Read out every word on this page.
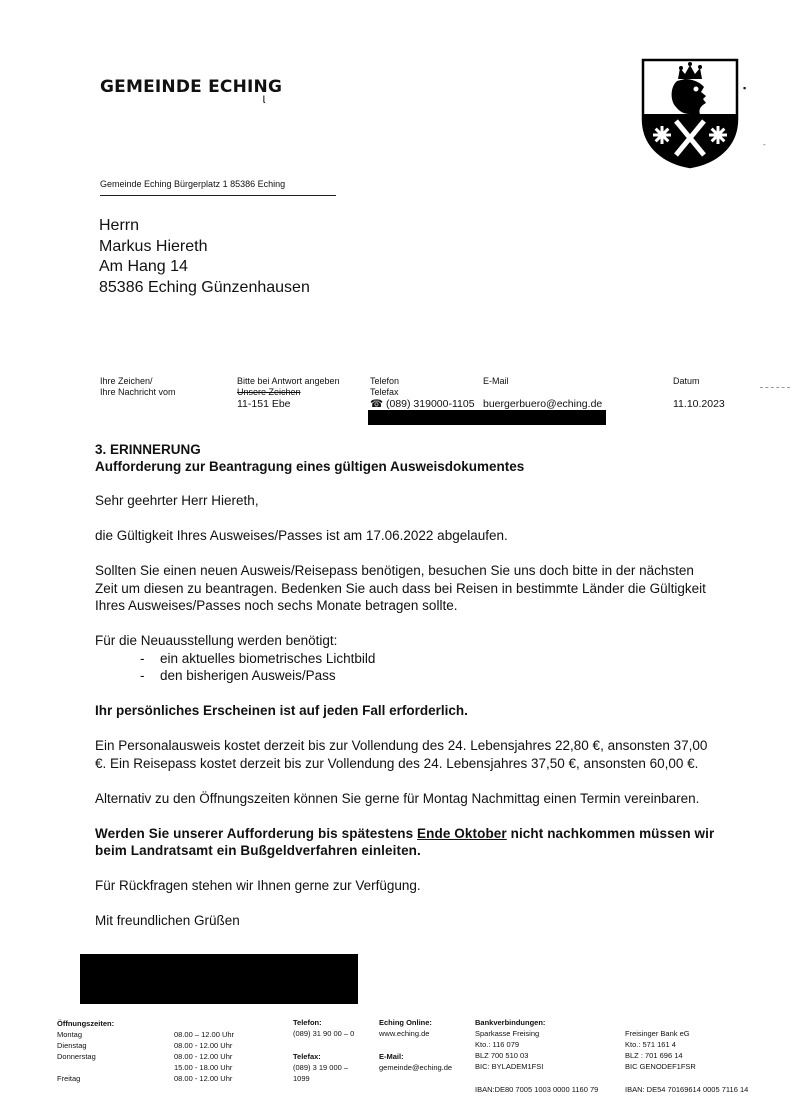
GEMEINDE ECHING
ᶩ
▪
-
Gemeinde Eching Bürgerplatz 1 85386 Eching
Herrn
Markus Hiereth
Am Hang 14
85386 Eching Günzenhausen
Ihre Zeichen/
Ihre Nachricht vom
Bitte bei Antwort angeben
Unsere Zeichen
11-151 Ebe
Telefon
Telefax
☎ (089) 319000-1105
E-Mail
buergerbuero@eching.de
Datum
11.10.2023
3. ERINNERUNG
Aufforderung zur Beantragung eines gültigen Ausweisdokumentes

Sehr geehrter Herr Hiereth,

die Gültigkeit Ihres Ausweises/Passes ist am 17.06.2022 abgelaufen.

Sollten Sie einen neuen Ausweis/Reisepass benötigen, besuchen Sie uns doch bitte in der nächsten Zeit um diesen zu beantragen. Bedenken Sie auch dass bei Reisen in bestimmte Länder die Gültigkeit Ihres Ausweises/Passes noch sechs Monate betragen sollte.

Für die Neuausstellung werden benötigt:
- ein aktuelles biometrisches Lichtbild
- den bisherigen Ausweis/Pass

Ihr persönliches Erscheinen ist auf jeden Fall erforderlich.

Ein Personalausweis kostet derzeit bis zur Vollendung des 24. Lebensjahres 22,80 €, ansonsten 37,00 €. Ein Reisepass kostet derzeit bis zur Vollendung des 24. Lebensjahres 37,50 €, ansonsten 60,00 €.

Alternativ zu den Öffnungszeiten können Sie gerne für Montag Nachmittag einen Termin vereinbaren.

Werden Sie unserer Aufforderung bis spätestens Ende Oktober nicht nachkommen müssen wir beim Landratsamt ein Bußgeldverfahren einleiten.

Für Rückfragen stehen wir Ihnen gerne zur Verfügung.

Mit freundlichen Grüßen

Öffnungszeiten:
Montag
Dienstag
Donnerstag

Freitag
08.00 – 12.00 Uhr
08.00 - 12.00 Uhr
08.00 - 12.00 Uhr
15.00 - 18.00 Uhr
08.00 - 12.00 Uhr
Telefon:
(089) 31 90 00 – 0
Telefax:
(089) 3 19 000 –
1099
Eching Online:
www.eching.de
E-Mail:
gemeinde@eching.de
Bankverbindungen:
Sparkasse Freising
Kto.: 116 079
BLZ 700 510 03
BIC: BYLADEM1FSI
IBAN:DE80 7005 1003 0000 1160 79
Freisinger Bank eG
Kto.: 571 161 4
BLZ : 701 696 14
BIC GENODEF1FSR
IBAN: DE54 70169614 0005 7116 14
